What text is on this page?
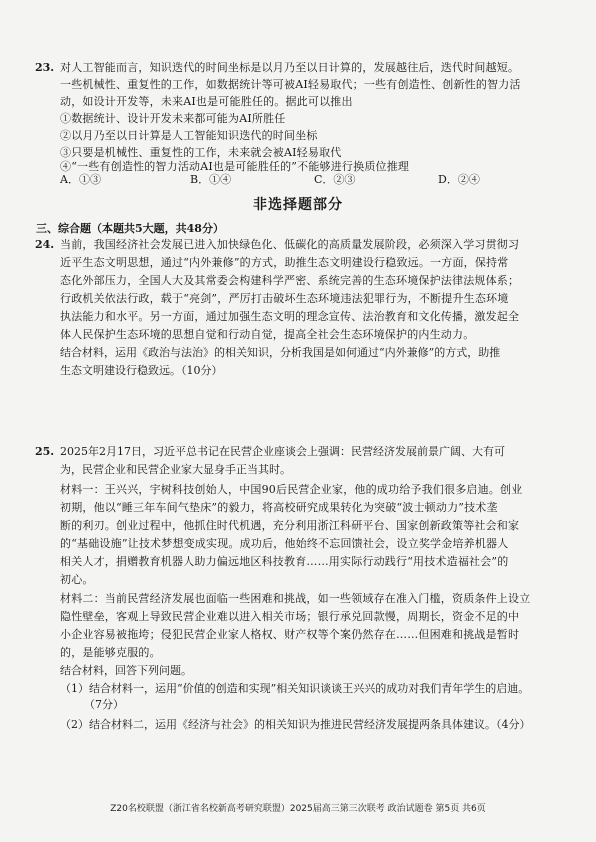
23. 对人工智能而言，知识迭代的时间坐标是以月乃至以日计算的，发展越往后，迭代时间越短。
一些机械性、重复性的工作，如数据统计等可被AI轻易取代；一些有创造性、创新性的智力活
动，如设计开发等，未来AI也是可能胜任的。据此可以推出
①数据统计、设计开发未来都可能为AI所胜任
②以月乃至以日计算是人工智能知识迭代的时间坐标
③只要是机械性、重复性的工作，未来就会被AI轻易取代
④“一些有创造性的智力活动AI也是可能胜任的”不能够进行换质位推理
A．①③	B．①④	C．②③	D．②④
非选择题部分
三、综合题（本题共5大题，共48分）
24. 当前，我国经济社会发展已进入加快绿色化、低碳化的高质量发展阶段，必须深入学习贯彻习
近平生态文明思想，通过“内外兼修”的方式，助推生态文明建设行稳致远。一方面，保持常
态化外部压力，全国人大及其常委会构建科学严密、系统完善的生态环境保护法律法规体系；
行政机关依法行政，载于“亮剑”，严厉打击破坏生态环境违法犯罪行为，不断提升生态环境
执法能力和水平。另一方面，通过加强生态文明的理念宣传、法治教育和文化传播，激发起全
体人民保护生态环境的思想自觉和行动自觉，提高全社会生态环境保护的内生动力。
结合材料，运用《政治与法治》的相关知识，分析我国是如何通过“内外兼修”的方式，助推
生态文明建设行稳致远。（10分）
25. 2025年2月17日，习近平总书记在民营企业座谈会上强调：民营经济发展前景广阔、大有可
为，民营企业和民营企业家大显身手正当其时。
材料一：王兴兴，宇树科技创始人，中国90后民营企业家，他的成功给予我们很多启迪。创业
初期，他以“睡三年车间气垫床”的毅力，将高校研究成果转化为突破“波士顿动力”技术垄
断的利刃。创业过程中，他抓住时代机遇，充分利用浙江科研平台、国家创新政策等社会和家
的“基础设施”让技术梦想变成实现。成功后，他始终不忘回馈社会，设立奖学金培养机器人
相关人才，捐赠教育机器人助力偏远地区科技教育……用实际行动践行“用技术造福社会”的
初心。
材料二：当前民营经济发展也面临一些困难和挑战，如一些领域存在准入门槛，资质条件上设立
隐性壁垒，客观上导致民营企业难以进入相关市场；银行承兑回款慢，周期长，资金不足的中
小企业容易被拖垮；侵犯民营企业家人格权、财产权等个案仍然存在……但困难和挑战是暂时
的，是能够克服的。
结合材料，回答下列问题。
（1）结合材料一，运用“价值的创造和实现”相关知识谈谈王兴兴的成功对我们青年学生的启迪。
（7分）
（2）结合材料二，运用《经济与社会》的相关知识为推进民营经济发展提两条具体建议。（4分）
Z20名校联盟（浙江省名校新高考研究联盟）2025届高三第三次联考 政治试题卷 第5页 共6页
